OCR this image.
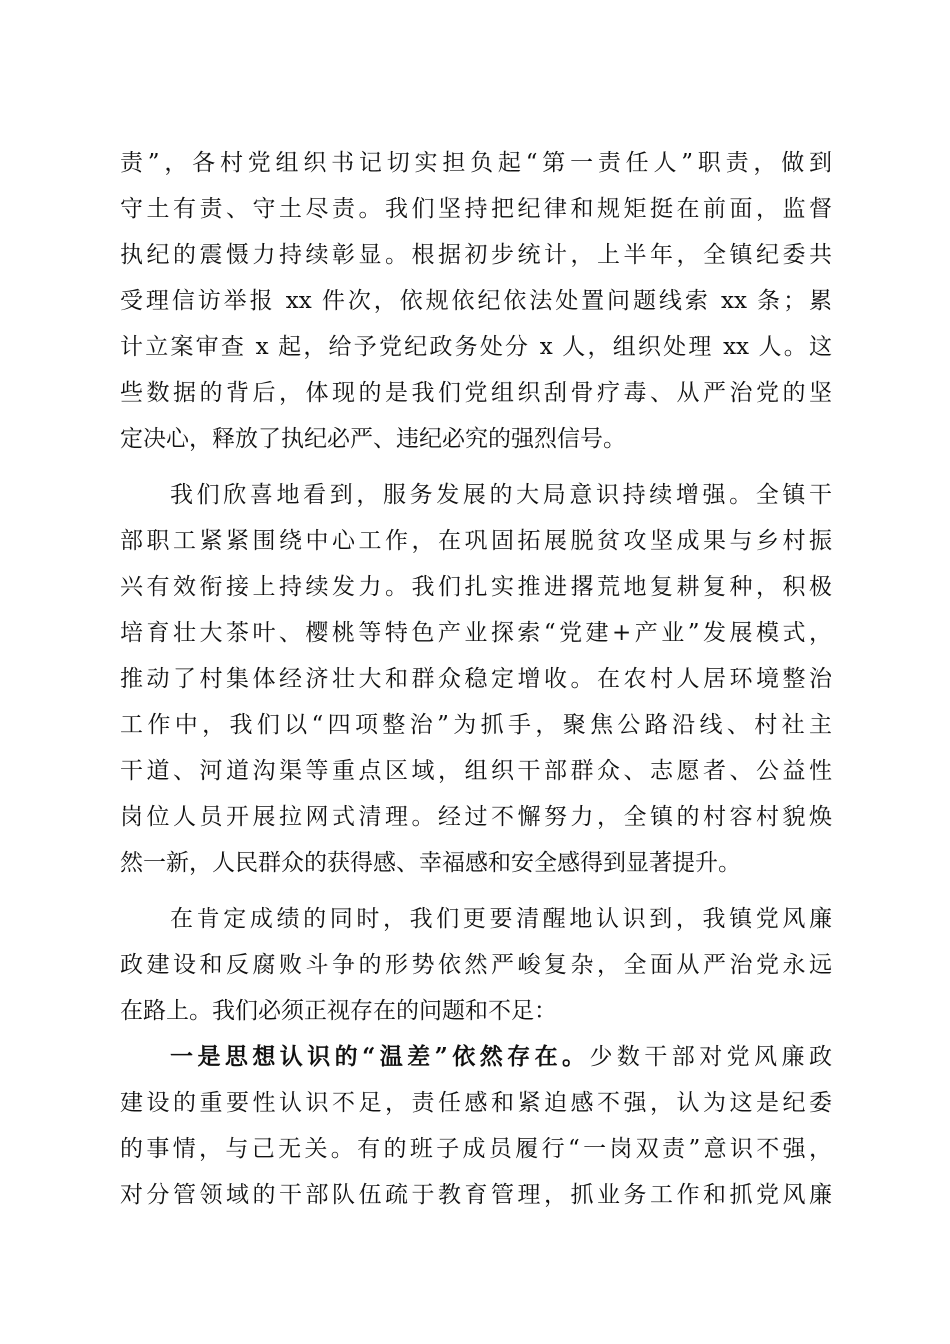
责”，各村党组织书记切实担负起“第一责任人”职责，做到
守土有责、守土尽责。我们坚持把纪律和规矩挺在前面，监督
执纪的震慑力持续彰显。根据初步统计，上半年，全镇纪委共
受理信访举报 xx 件次，依规依纪依法处置问题线索 xx 条；累
计立案审查 x 起，给予党纪政务处分 x 人，组织处理 xx 人。这
些数据的背后，体现的是我们党组织刮骨疗毒、从严治党的坚
定决心，释放了执纪必严、违纪必究的强烈信号。
我们欣喜地看到，服务发展的大局意识持续增强。全镇干
部职工紧紧围绕中心工作，在巩固拓展脱贫攻坚成果与乡村振
兴有效衔接上持续发力。我们扎实推进撂荒地复耕复种，积极
培育壮大茶叶、樱桃等特色产业探索“党建+产业”发展模式，
推动了村集体经济壮大和群众稳定增收。在农村人居环境整治
工作中，我们以“四项整治”为抓手，聚焦公路沿线、村社主
干道、河道沟渠等重点区域，组织干部群众、志愿者、公益性
岗位人员开展拉网式清理。经过不懈努力，全镇的村容村貌焕
然一新，人民群众的获得感、幸福感和安全感得到显著提升。
在肯定成绩的同时，我们更要清醒地认识到，我镇党风廉
政建设和反腐败斗争的形势依然严峻复杂，全面从严治党永远
在路上。我们必须正视存在的问题和不足：
一是思想认识的“温差”依然存在。少数干部对党风廉政
建设的重要性认识不足，责任感和紧迫感不强，认为这是纪委
的事情，与己无关。有的班子成员履行“一岗双责”意识不强，
对分管领域的干部队伍疏于教育管理，抓业务工作和抓党风廉
